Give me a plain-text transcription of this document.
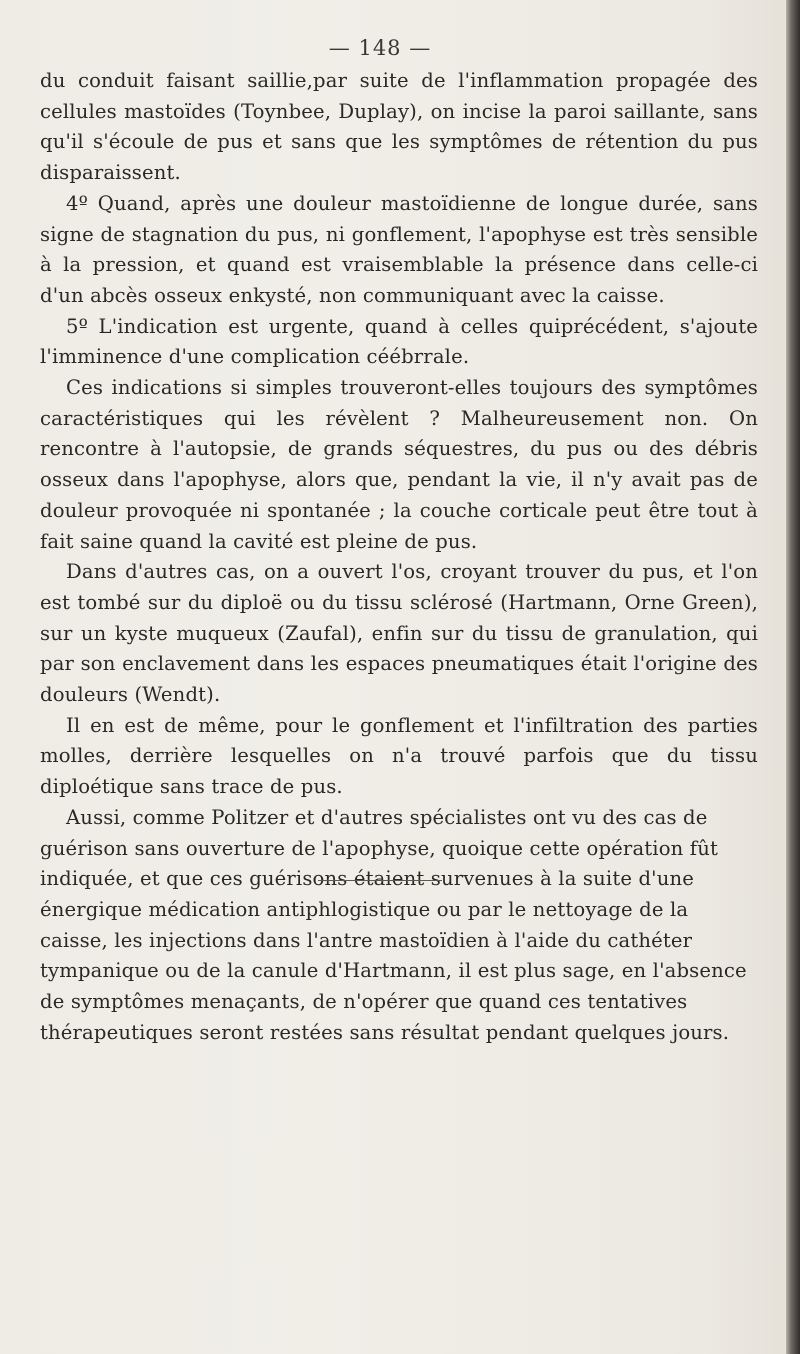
— 148 —

du conduit faisant saillie,par suite de l'inflammation propagée des cellules mastoïdes (Toynbee, Duplay), on incise la paroi saillante, sans qu'il s'écoule de pus et sans que les symptômes de rétention du pus disparaissent.

4º Quand, après une douleur mastoïdienne de longue durée, sans signe de stagnation du pus, ni gonflement, l'apophyse est très sensible à la pression, et quand est vraisemblable la présence dans celle-ci d'un abcès osseux enkysté, non communiquant avec la caisse.

5º L'indication est urgente, quand à celles quiprécédent, s'ajoute l'imminence d'une complication céébrrale.

Ces indications si simples trouveront-elles toujours des symptômes caractéristiques qui les révèlent ? Malheureusement non. On rencontre à l'autopsie, de grands séquestres, du pus ou des débris osseux dans l'apophyse, alors que, pendant la vie, il n'y avait pas de douleur provoquée ni spontanée ; la couche corticale peut être tout à fait saine quand la cavité est pleine de pus.

Dans d'autres cas, on a ouvert l'os, croyant trouver du pus, et l'on est tombé sur du diploë ou du tissu sclérosé (Hartmann, Orne Green), sur un kyste muqueux (Zaufal), enfin sur du tissu de granulation, qui par son enclavement dans les espaces pneumatiques était l'origine des douleurs (Wendt).

Il en est de même, pour le gonflement et l'infiltration des parties molles, derrière lesquelles on n'a trouvé parfois que du tissu diploétique sans trace de pus.

Aussi, comme Politzer et d'autres spécialistes ont vu des cas de guérison sans ouverture de l'apophyse, quoique cette opération fût indiquée, et que ces guérisons étaient survenues à la suite d'une énergique médication antiphlogistique ou par le nettoyage de la caisse, les injections dans l'antre mastoïdien à l'aide du cathéter tympanique ou de la canule d'Hartmann, il est plus sage, en l'absence de symptômes menaçants, de n'opérer que quand ces tentatives thérapeutiques seront restées sans résultat pendant quelques jours.
